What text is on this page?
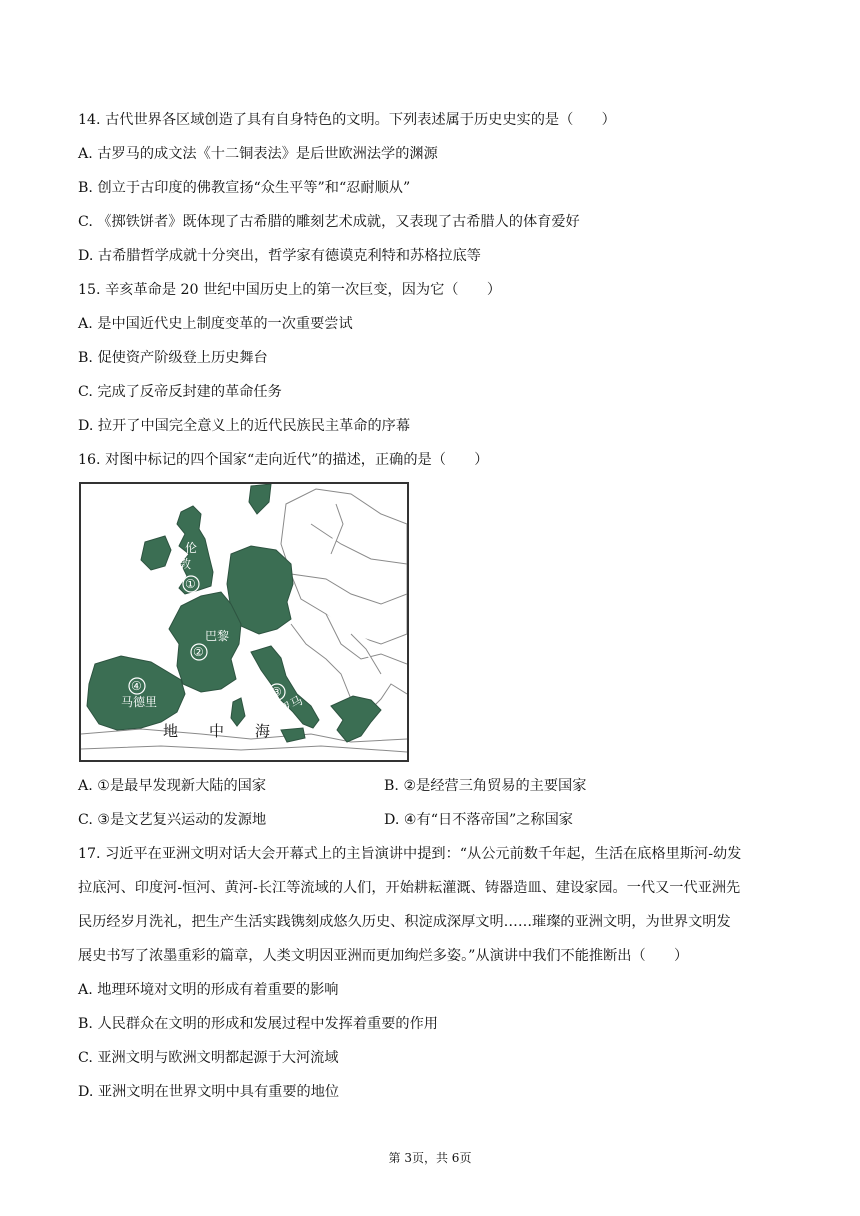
14. 古代世界各区域创造了具有自身特色的文明。下列表述属于历史史实的是（　　）
A. 古罗马的成文法《十二铜表法》是后世欧洲法学的渊源
B. 创立于古印度的佛教宣扬“众生平等”和“忍耐顺从”
C. 《掷铁饼者》既体现了古希腊的雕刻艺术成就，又表现了古希腊人的体育爱好
D. 古希腊哲学成就十分突出，哲学家有德谟克利特和苏格拉底等
15. 辛亥革命是 20 世纪中国历史上的第一次巨变，因为它（　　）
A. 是中国近代史上制度变革的一次重要尝试
B. 促使资产阶级登上历史舞台
C. 完成了反帝反封建的革命任务
D. 拉开了中国完全意义上的近代民族民主革命的序幕
16. 对图中标记的四个国家“走向近代”的描述，正确的是（　　）
伦
敦
①
巴黎
②
④
马德里
③
罗马
地 中 海
A. ①是最早发现新大陆的国家	B. ②是经营三角贸易的主要国家
C. ③是文艺复兴运动的发源地	D. ④有“日不落帝国”之称国家
17. 习近平在亚洲文明对话大会开幕式上的主旨演讲中提到：“从公元前数千年起，生活在底格里斯河-幼发
拉底河、印度河-恒河、黄河-长江等流域的人们，开始耕耘灌溉、铸器造皿、建设家园。一代又一代亚洲先
民历经岁月洗礼，把生产生活实践镌刻成悠久历史、积淀成深厚文明……璀璨的亚洲文明，为世界文明发
展史书写了浓墨重彩的篇章，人类文明因亚洲而更加绚烂多姿。”从演讲中我们不能推断出（　　）
A. 地理环境对文明的形成有着重要的影响
B. 人民群众在文明的形成和发展过程中发挥着重要的作用
C. 亚洲文明与欧洲文明都起源于大河流域
D. 亚洲文明在世界文明中具有重要的地位
第 3页，共 6页
